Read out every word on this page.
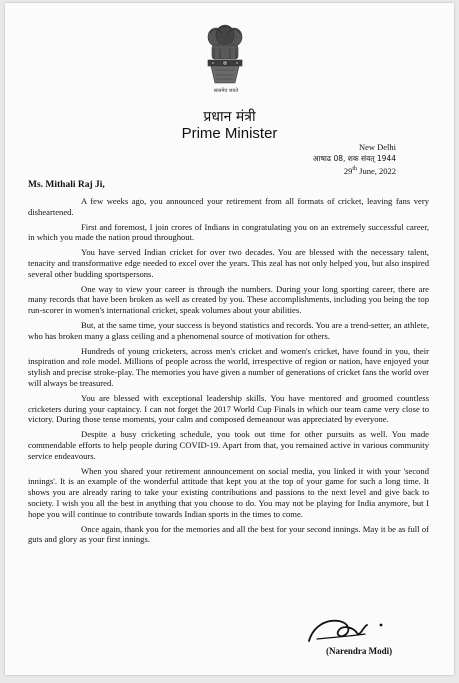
सत्यमेव जयते
प्रधान मंत्री
Prime Minister
New Delhi
आषाढ 08, शक संवत् 1944
29th June, 2022
Ms. Mithali Raj Ji,

A few weeks ago, you announced your retirement from all formats of cricket, leaving fans very disheartened.

First and foremost, I join crores of Indians in congratulating you on an extremely successful career, in which you made the nation proud throughout.

You have served Indian cricket for over two decades. You are blessed with the necessary talent, tenacity and transformative edge needed to excel over the years. This zeal has not only helped you, but also inspired several other budding sportspersons.

One way to view your career is through the numbers. During your long sporting career, there are many records that have been broken as well as created by you. These accomplishments, including you being the top run-scorer in women's international cricket, speak volumes about your abilities.

But, at the same time, your success is beyond statistics and records. You are a trend-setter, an athlete, who has broken many a glass ceiling and a phenomenal source of motivation for others.

Hundreds of young cricketers, across men's cricket and women's cricket, have found in you, their inspiration and role model. Millions of people across the world, irrespective of region or nation, have enjoyed your stylish and precise stroke-play. The memories you have given a number of generations of cricket fans the world over will always be treasured.

You are blessed with exceptional leadership skills. You have mentored and groomed countless cricketers during your captaincy. I can not forget the 2017 World Cup Finals in which our team came very close to victory. During those tense moments, your calm and composed demeanour was appreciated by everyone.

Despite a busy cricketing schedule, you took out time for other pursuits as well. You made commendable efforts to help people during COVID-19. Apart from that, you remained active in various community service endeavours.

When you shared your retirement announcement on social media, you linked it with your 'second innings'. It is an example of the wonderful attitude that kept you at the top of your game for such a long time. It shows you are already raring to take your existing contributions and passions to the next level and give back to society. I wish you all the best in anything that you choose to do. You may not be playing for India anymore, but I hope you will continue to contribute towards Indian sports in the times to come.

Once again, thank you for the memories and all the best for your second innings. May it be as full of guts and glory as your first innings.

(Narendra Modi)
